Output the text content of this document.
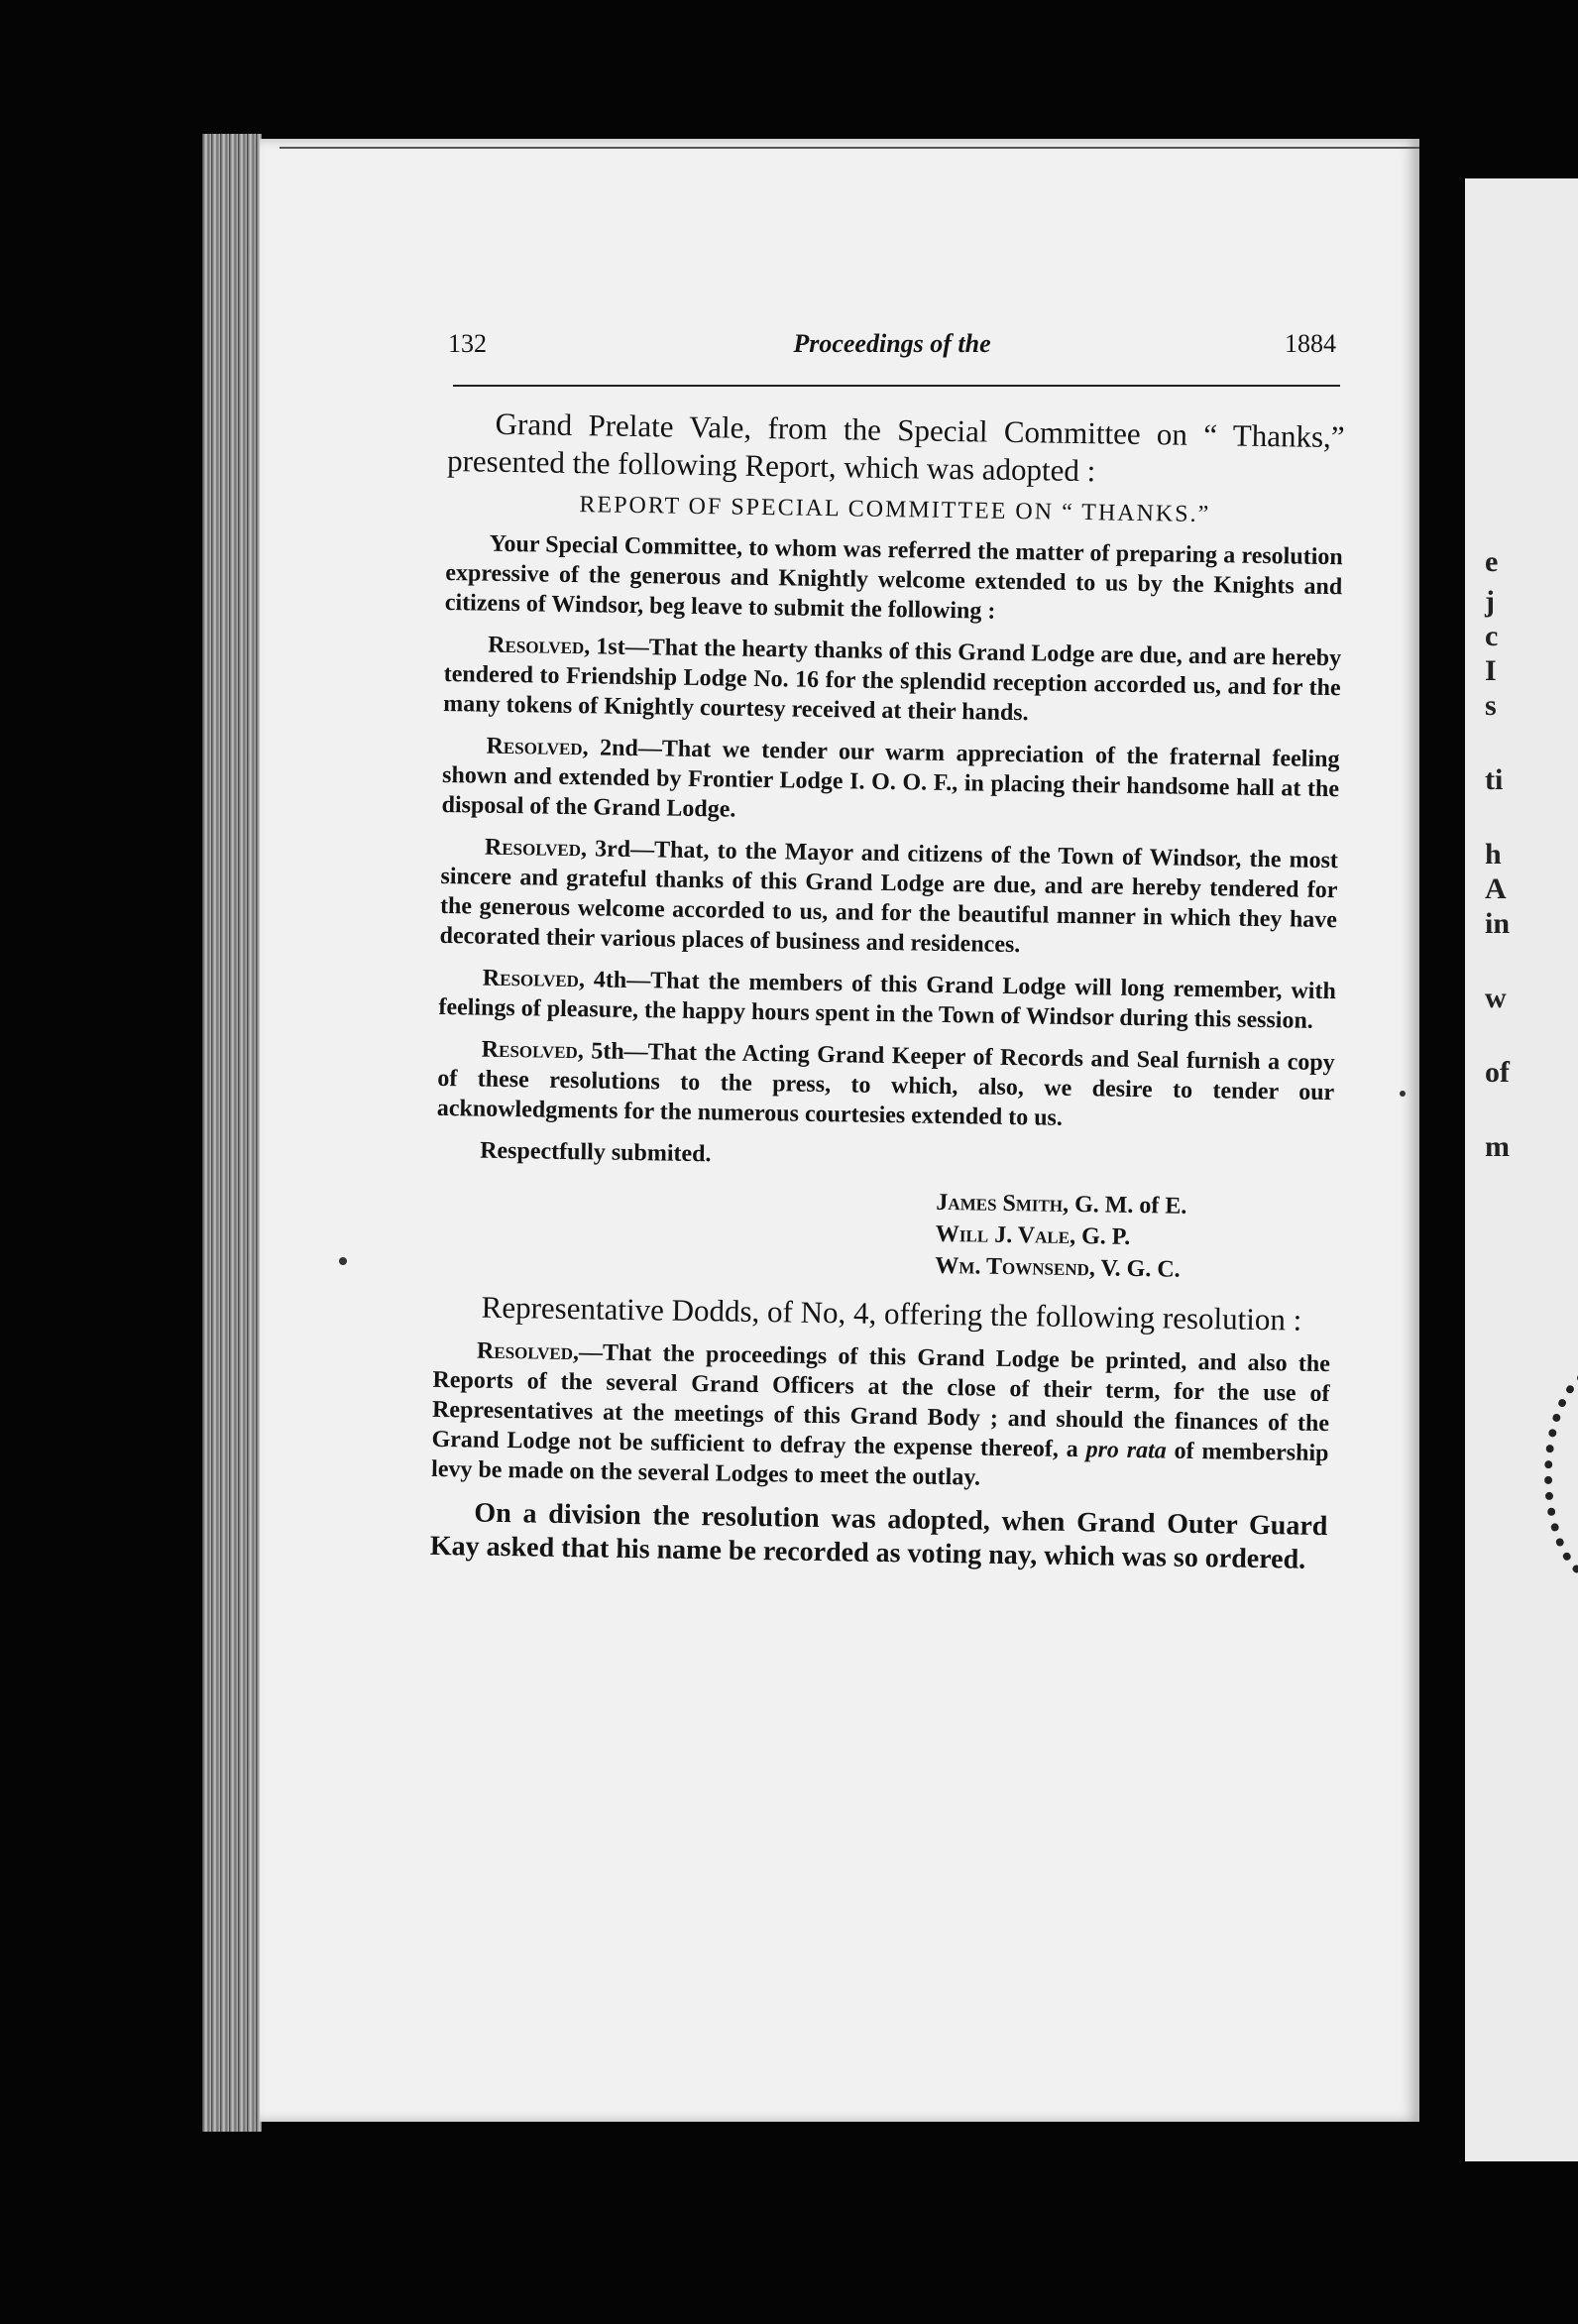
132	Proceedings of the	1884

Grand Prelate Vale, from the Special Committee on “ Thanks,” presented the following Report, which was adopted :

REPORT OF SPECIAL COMMITTEE ON “ THANKS.”

Your Special Committee, to whom was referred the matter of preparing a resolution expressive of the generous and Knightly welcome extended to us by the Knights and citizens of Windsor, beg leave to submit the following :

Resolved, 1st—That the hearty thanks of this Grand Lodge are due, and are hereby tendered to Friendship Lodge No. 16 for the splendid reception accorded us, and for the many tokens of Knightly courtesy received at their hands.

Resolved, 2nd—That we tender our warm appreciation of the fraternal feeling shown and extended by Frontier Lodge I. O. O. F., in placing their handsome hall at the disposal of the Grand Lodge.

Resolved, 3rd—That, to the Mayor and citizens of the Town of Windsor, the most sincere and grateful thanks of this Grand Lodge are due, and are hereby tendered for the generous welcome accorded to us, and for the beautiful manner in which they have decorated their various places of business and residences.

Resolved, 4th—That the members of this Grand Lodge will long remember, with feelings of pleasure, the happy hours spent in the Town of Windsor during this session.

Resolved, 5th—That the Acting Grand Keeper of Records and Seal furnish a copy of these resolutions to the press, to which, also, we desire to tender our acknowledgments for the numerous courtesies extended to us.

Respectfully submited.

James Smith, G. M. of E.
Will J. Vale, G. P.
Wm. Townsend, V. G. C.

Representative Dodds, of No, 4, offering the following resolution :

Resolved,—That the proceedings of this Grand Lodge be printed, and also the Reports of the several Grand Officers at the close of their term, for the use of Representatives at the meetings of this Grand Body ; and should the finances of the Grand Lodge not be sufficient to defray the expense thereof, a pro rata of membership levy be made on the several Lodges to meet the outlay.

On a division the resolution was adopted, when Grand Outer Guard Kay asked that his name be recorded as voting nay, which was so ordered.

e
j
c
I
s
ti
h
A
in
w
of
m
